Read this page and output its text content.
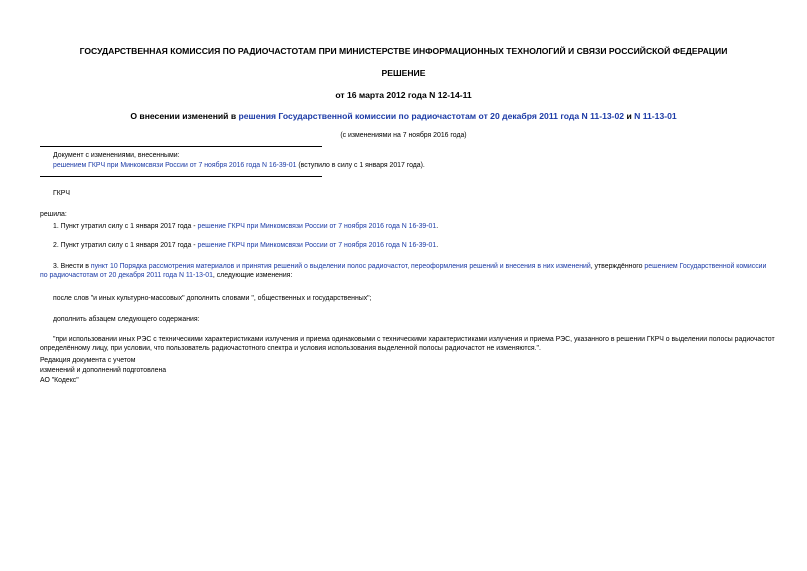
ГОСУДАРСТВЕННАЯ КОМИССИЯ ПО РАДИОЧАСТОТАМ ПРИ МИНИСТЕРСТВЕ ИНФОРМАЦИОННЫХ ТЕХНОЛОГИЙ И СВЯЗИ РОССИЙСКОЙ ФЕДЕРАЦИИ
РЕШЕНИЕ
от 16 марта 2012 года N 12-14-11
О внесении изменений в решения Государственной комиссии по радиочастотам от 20 декабря 2011 года N 11-13-02 и N 11-13-01
(с изменениями на 7 ноября 2016 года)
Документ с изменениями, внесенными:
решением ГКРЧ при Минкомсвязи России от 7 ноября 2016 года N 16-39-01 (вступило в силу с 1 января 2017 года).
ГКРЧ
решила:
1. Пункт утратил силу с 1 января 2017 года - решение ГКРЧ при Минкомсвязи России от 7 ноября 2016 года N 16-39-01.
2. Пункт утратил силу с 1 января 2017 года - решение ГКРЧ при Минкомсвязи России от 7 ноября 2016 года N 16-39-01.
3. Внести в пункт 10 Порядка рассмотрения материалов и принятия решений о выделении полос радиочастот, переоформления решений и внесения в них изменений, утверждённого решением Государственной комиссии по радиочастотам от 20 декабря 2011 года N 11-13-01, следующие изменения:
после слов "и иных культурно-массовых" дополнить словами ", общественных и государственных";
дополнить абзацем следующего содержания:
"при использовании иных РЭС с техническими характеристиками излучения и приема одинаковыми с техническими характеристиками излучения и приема РЭС, указанного в решении ГКРЧ о выделении полосы радиочастот определённому лицу, при условии, что пользователь радиочастотного спектра и условия использования выделенной полосы радиочастот не изменяются.".
Редакция документа с учетом
изменений и дополнений подготовлена
АО "Кодекс"
